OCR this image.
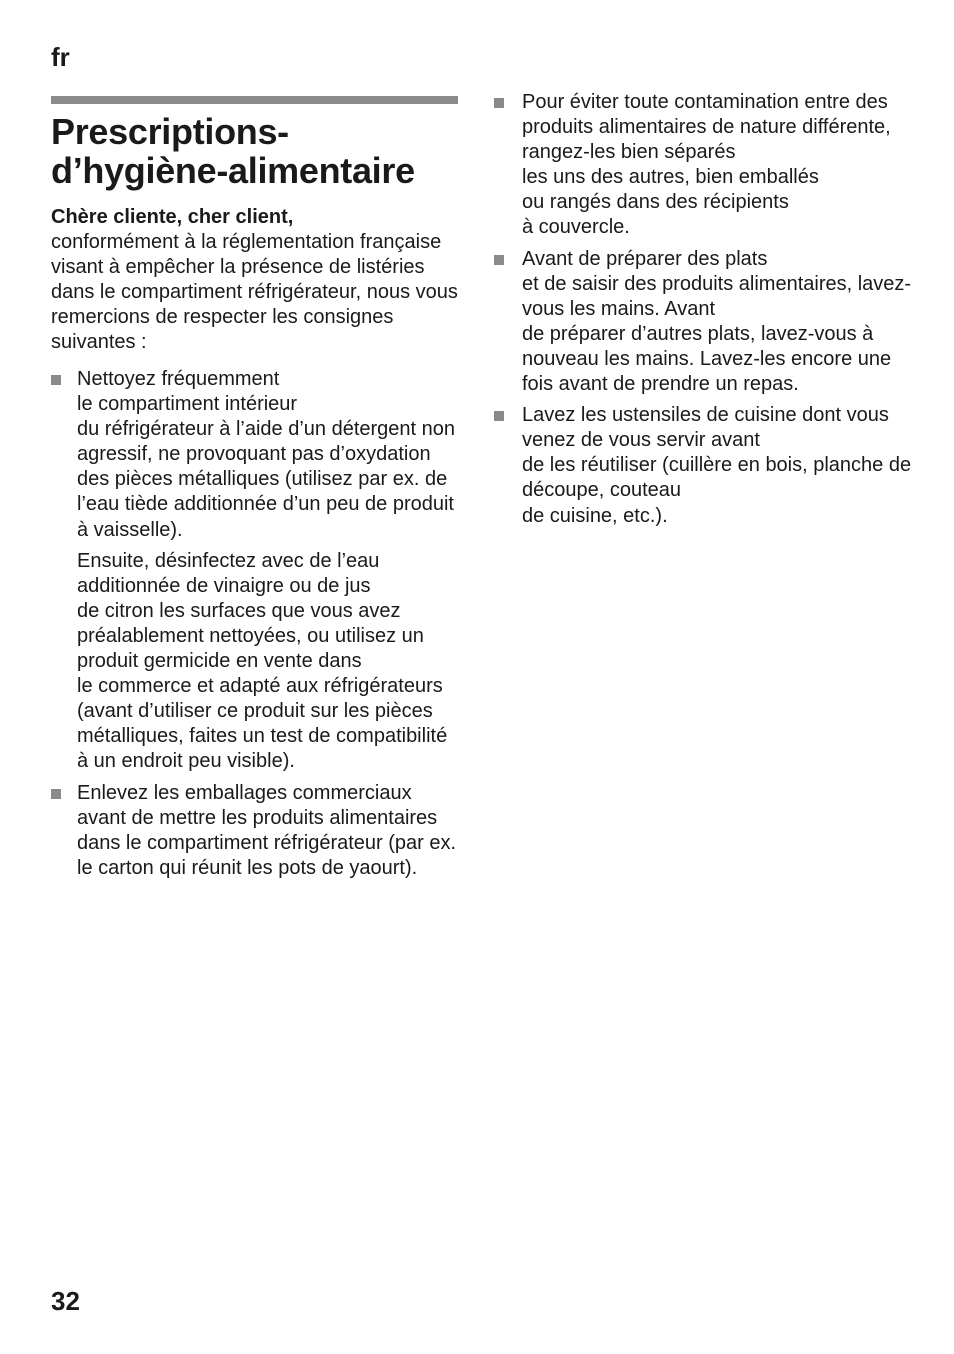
fr
Prescriptions-
d’hygiène-alimentaire

Chère cliente, cher client,
conformément à la réglementation française visant à empêcher la présence de listéries dans le compartiment réfrigérateur, nous vous remercions de respecter les consignes suivantes :

Nettoyez fréquemment
le compartiment intérieur
du réfrigérateur à l’aide d’un détergent non agressif, ne provoquant pas d’oxydation des pièces métalliques (utilisez par ex. de l’eau tiède additionnée d’un peu de produit
à vaisselle).

Ensuite, désinfectez avec de l’eau additionnée de vinaigre ou de jus
de citron les surfaces que vous avez préalablement nettoyées, ou utilisez un produit germicide en vente dans
le commerce et adapté aux réfrigérateurs (avant d’utiliser ce produit sur les pièces métalliques, faites un test de compatibilité à un endroit peu visible).

Enlevez les emballages commerciaux avant de mettre les produits alimentaires dans le compartiment réfrigérateur (par ex. le carton qui réunit les pots de yaourt).

Pour éviter toute contamination entre des produits alimentaires de nature différente, rangez-les bien séparés
les uns des autres, bien emballés
ou rangés dans des récipients
à couvercle.

Avant de préparer des plats
et de saisir des produits alimentaires, lavez-vous les mains. Avant
de préparer d’autres plats, lavez-vous à nouveau les mains. Lavez-les encore une fois avant de prendre un repas.

Lavez les ustensiles de cuisine dont vous venez de vous servir avant
de les réutiliser (cuillère en bois, planche de découpe, couteau
de cuisine, etc.).

32
